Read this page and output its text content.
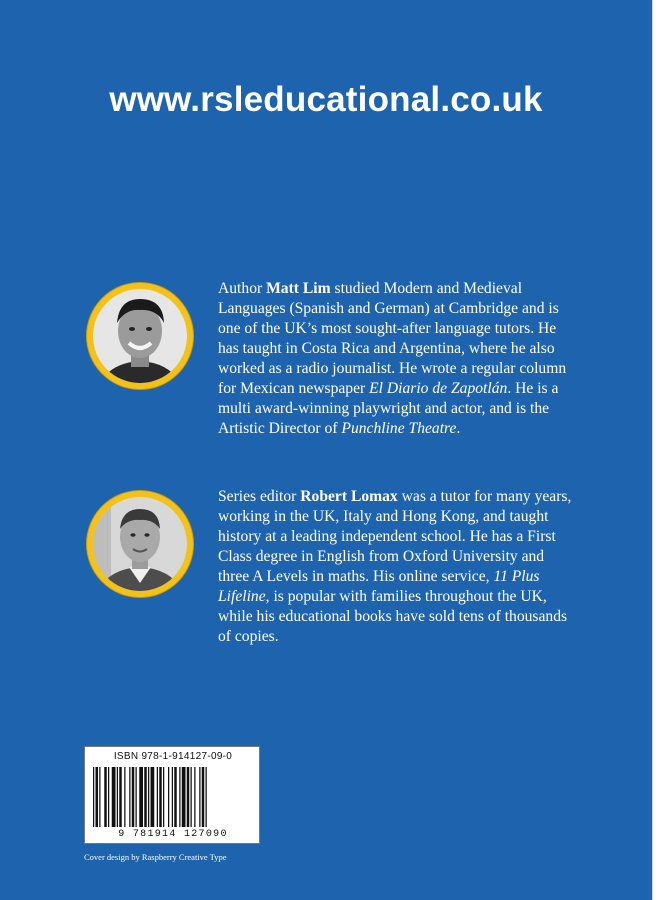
www.rsleducational.co.uk

Author Matt Lim studied Modern and Medieval Languages (Spanish and German) at Cambridge and is one of the UK’s most sought-after language tutors. He has taught in Costa Rica and Argentina, where he also worked as a radio journalist. He wrote a regular column for Mexican newspaper El Diario de Zapotlán. He is a multi award-winning playwright and actor, and is the Artistic Director of Punchline Theatre.

Series editor Robert Lomax was a tutor for many years, working in the UK, Italy and Hong Kong, and taught history at a leading independent school. He has a First Class degree in English from Oxford University and three A Levels in maths. His online service, 11 Plus Lifeline, is popular with families throughout the UK, while his educational books have sold tens of thousands of copies.

ISBN 978-1-914127-09-0
9 781914 127090
Cover design by Raspberry Creative Type
